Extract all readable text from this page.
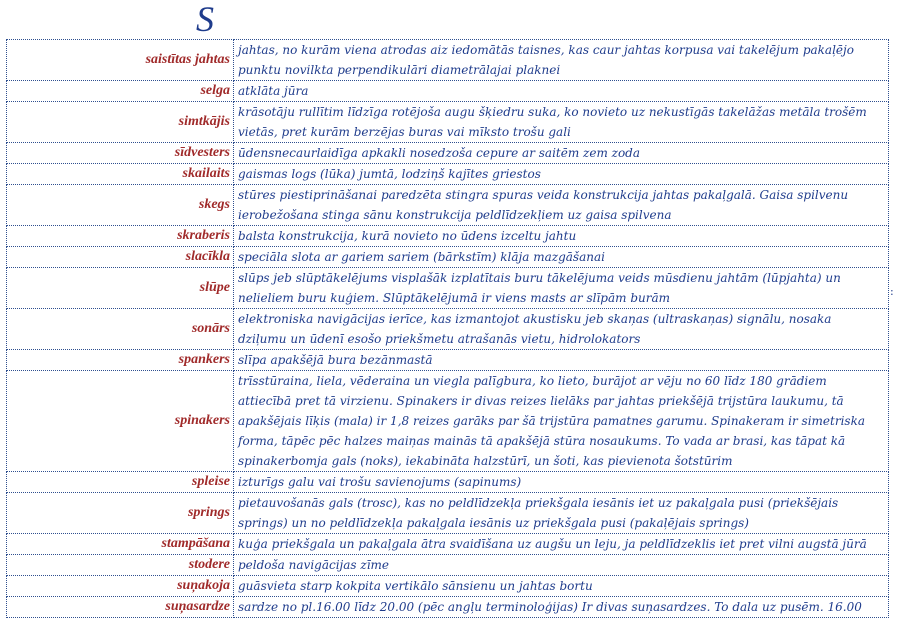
S
saistītas jahtas	jahtas, no kurām viena atrodas aiz iedomātās taisnes, kas caur jahtas korpusa vai takelējum pakaļējo
punktu novilkta perpendikulāri diametrālajai plaknei

selga	atklāta jūra

simtkājis	krāsotāju rullītim līdzīga rotējoša augu šķiedru suka, ko novieto uz nekustīgās takelāžas metāla trošēm
vietās, pret kurām berzējas buras vai mīksto trošu gali

sīdvesters	ūdensnecaurlaidīga apkakli nosedzoša cepure ar saitēm zem zoda

skailaits	gaismas logs (lūka) jumtā, lodziņš kajītes griestos

skegs	stūres piestiprināšanai paredzēta stingra spuras veida konstrukcija jahtas pakaļgalā. Gaisa spilvenu
ierobežošana stinga sānu konstrukcija peldlīdzekļiem uz gaisa spilvena

skraberis	balsta konstrukcija, kurā novieto no ūdens izceltu jahtu

slacīkla	speciāla slota ar gariem sariem (bārkstīm) klāja mazgāšanai

slūpe	slūps jeb slūptākelējums visplašāk izplatītais buru tākelējuma veids mūsdienu jahtām (lūpjahta) un
nelieliem buru kuģiem. Slūptākelējumā ir viens masts ar slīpām burām

sonārs	elektroniska navigācijas ierīce, kas izmantojot akustisku jeb skaņas (ultraskaņas) signālu, nosaka
dziļumu un ūdenī esošo priekšmetu atrašanās vietu, hidrolokators

spankers	slīpa apakšējā bura bezānmastā

spinakers	trīsstūraina, liela, vēderaina un viegla palīgbura, ko lieto, burājot ar vēju no 60 līdz 180 grādiem
attiecībā pret tā virzienu. Spinakers ir divas reizes lielāks par jahtas priekšējā trijstūra laukumu, tā
apakšējais līķis (mala) ir 1,8 reizes garāks par šā trijstūra pamatnes garumu. Spinakeram ir simetriska
forma, tāpēc pēc halzes maiņas mainās tā apakšējā stūra nosaukums. To vada ar brasi, kas tāpat kā
spinakerbomja gals (noks), iekabināta halzstūrī, un šoti, kas pievienota šotstūrim

spleise	izturīgs galu vai trošu savienojums (sapinums)

springs	pietauvošanās gals (trosc), kas no peldlīdzekļa priekšgala iesānis iet uz pakaļgala pusi (priekšējais
springs) un no peldlīdzekļa pakaļgala iesānis uz priekšgala pusi (pakaļējais springs)

stampāšana	kuģa priekšgala un pakaļgala ātra svaidīšana uz augšu un leju, ja peldlīdzeklis iet pret vilni augstā jūrā

stodere	peldoša navigācijas zīme

suņakoja	guāsvieta starp kokpita vertikālo sānsienu un jahtas bortu

suņasardze	sardze no pl.16.00 līdz 20.00 (pēc angļu terminoloģijas) Ir divas suņasardzes. To dala uz pusēm. 16.00
:
